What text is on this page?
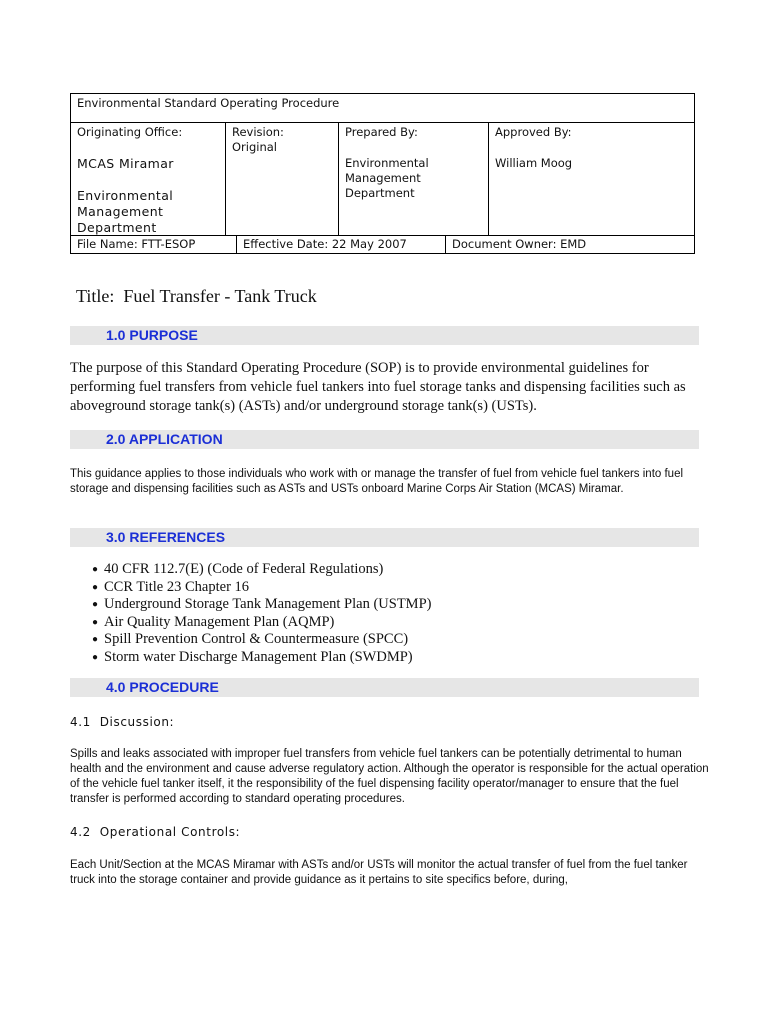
Environmental Standard Operating Procedure
Originating Office:
MCAS Miramar
Environmental
Management
Department
Revision: Original
Prepared By:
Environmental
Management
Department
Approved By:
William Moog
File Name: FTT-ESOP	Effective Date: 22 May 2007	Document Owner: EMD
Title:  Fuel Transfer - Tank Truck
1.0 PURPOSE
The purpose of this Standard Operating Procedure (SOP) is to provide environmental guidelines for performing fuel transfers from vehicle fuel tankers into fuel storage tanks and dispensing facilities such as aboveground storage tank(s) (ASTs) and/or underground storage tank(s) (USTs).
2.0 APPLICATION
This guidance applies to those individuals who work with or manage the transfer of fuel from vehicle fuel tankers into fuel storage and dispensing facilities such as ASTs and USTs onboard Marine Corps Air Station (MCAS) Miramar.
3.0 REFERENCES
● 40 CFR 112.7(E) (Code of Federal Regulations)
● CCR Title 23 Chapter 16
● Underground Storage Tank Management Plan (USTMP)
● Air Quality Management Plan (AQMP)
● Spill Prevention Control & Countermeasure (SPCC)
● Storm water Discharge Management Plan (SWDMP)
4.0 PROCEDURE
4.1  Discussion:
Spills and leaks associated with improper fuel transfers from vehicle fuel tankers can be potentially detrimental to human health and the environment and cause adverse regulatory action. Although the operator is responsible for the actual operation of the vehicle fuel tanker itself, it the responsibility of the fuel dispensing facility operator/manager to ensure that the fuel transfer is performed according to standard operating procedures.
4.2  Operational Controls:
Each Unit/Section at the MCAS Miramar with ASTs and/or USTs will monitor the actual transfer of fuel from the fuel tanker truck into the storage container and provide guidance as it pertains to site specifics before, during,
